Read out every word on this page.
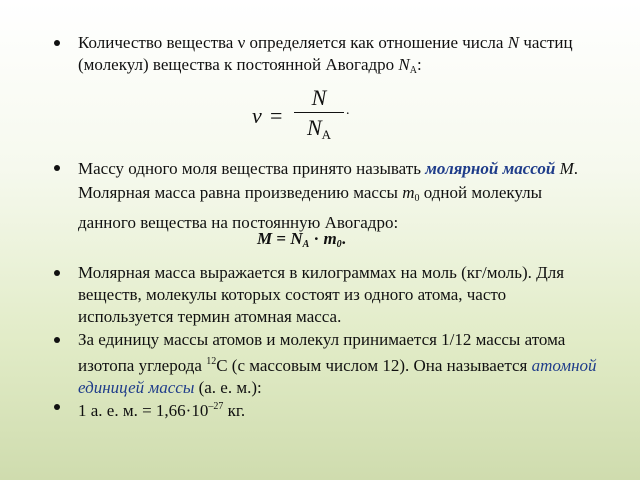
Количество вещества ν определяется как отношение числа N частиц (молекул) вещества к постоянной Авогадро $N_A$:
ν =
N
$N_A$
.
Массу одного моля вещества принято называть молярной массой M. Молярная масса равна произведению массы $m_0$ одной молекулы данного вещества на постоянную Авогадро:
$M = N_A \cdot m_0$.
Молярная масса выражается в килограммах на моль (кг/моль). Для веществ, молекулы которых состоят из одного атома, часто используется термин атомная масса.
За единицу массы атомов и молекул принимается 1/12 массы атома изотопа углерода $^{12}$C (с массовым числом 12). Она называется атомной единицей массы (а. е. м.):
1 а. е. м. = $1,66\cdot 10^{-27}$ кг.
